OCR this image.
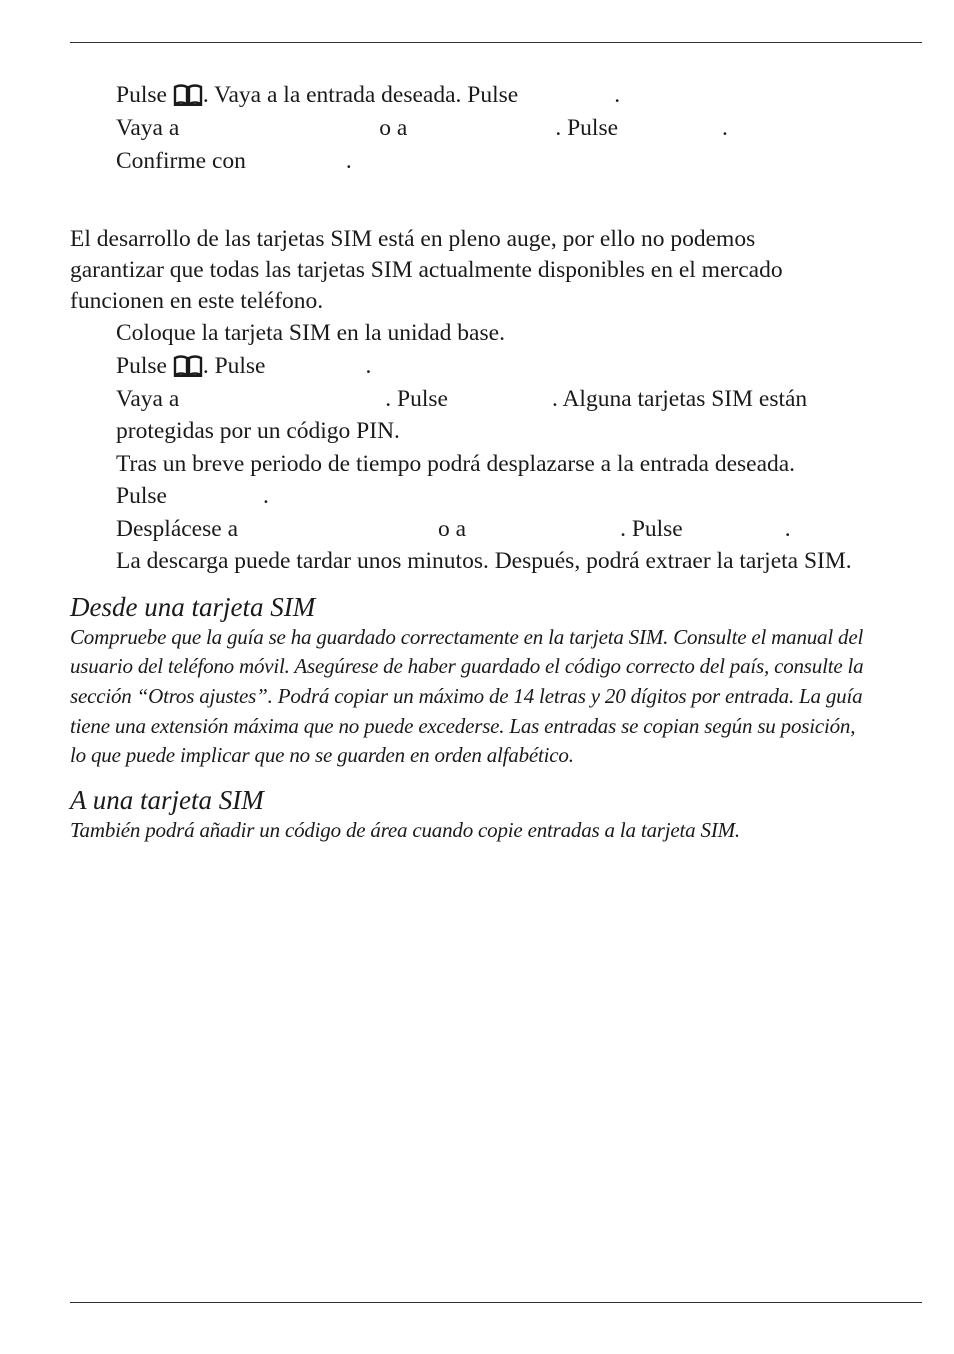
Pulse . Vaya a la entrada deseada. Pulse	.
Vaya a	o a	. Pulse	.
Confirme con	.
El desarrollo de las tarjetas SIM está en pleno auge, por ello no podemos
garantizar que todas las tarjetas SIM actualmente disponibles en el mercado
funcionen en este teléfono.
Coloque la tarjeta SIM en la unidad base.
Pulse . Pulse	.
Vaya a	. Pulse	. Alguna tarjetas SIM están
protegidas por un código PIN.
Tras un breve periodo de tiempo podrá desplazarse a la entrada deseada.
Pulse	.
Desplácese a	o a	. Pulse	.
La descarga puede tardar unos minutos. Después, podrá extraer la tarjeta SIM.
Desde una tarjeta SIM
Compruebe que la guía se ha guardado correctamente en la tarjeta SIM. Consulte el manual del
usuario del teléfono móvil. Asegúrese de haber guardado el código correcto del país, consulte la
sección “Otros ajustes”. Podrá copiar un máximo de 14 letras y 20 dígitos por entrada. La guía
tiene una extensión máxima que no puede excederse. Las entradas se copian según su posición,
lo que puede implicar que no se guarden en orden alfabético.
A una tarjeta SIM
También podrá añadir un código de área cuando copie entradas a la tarjeta SIM.
